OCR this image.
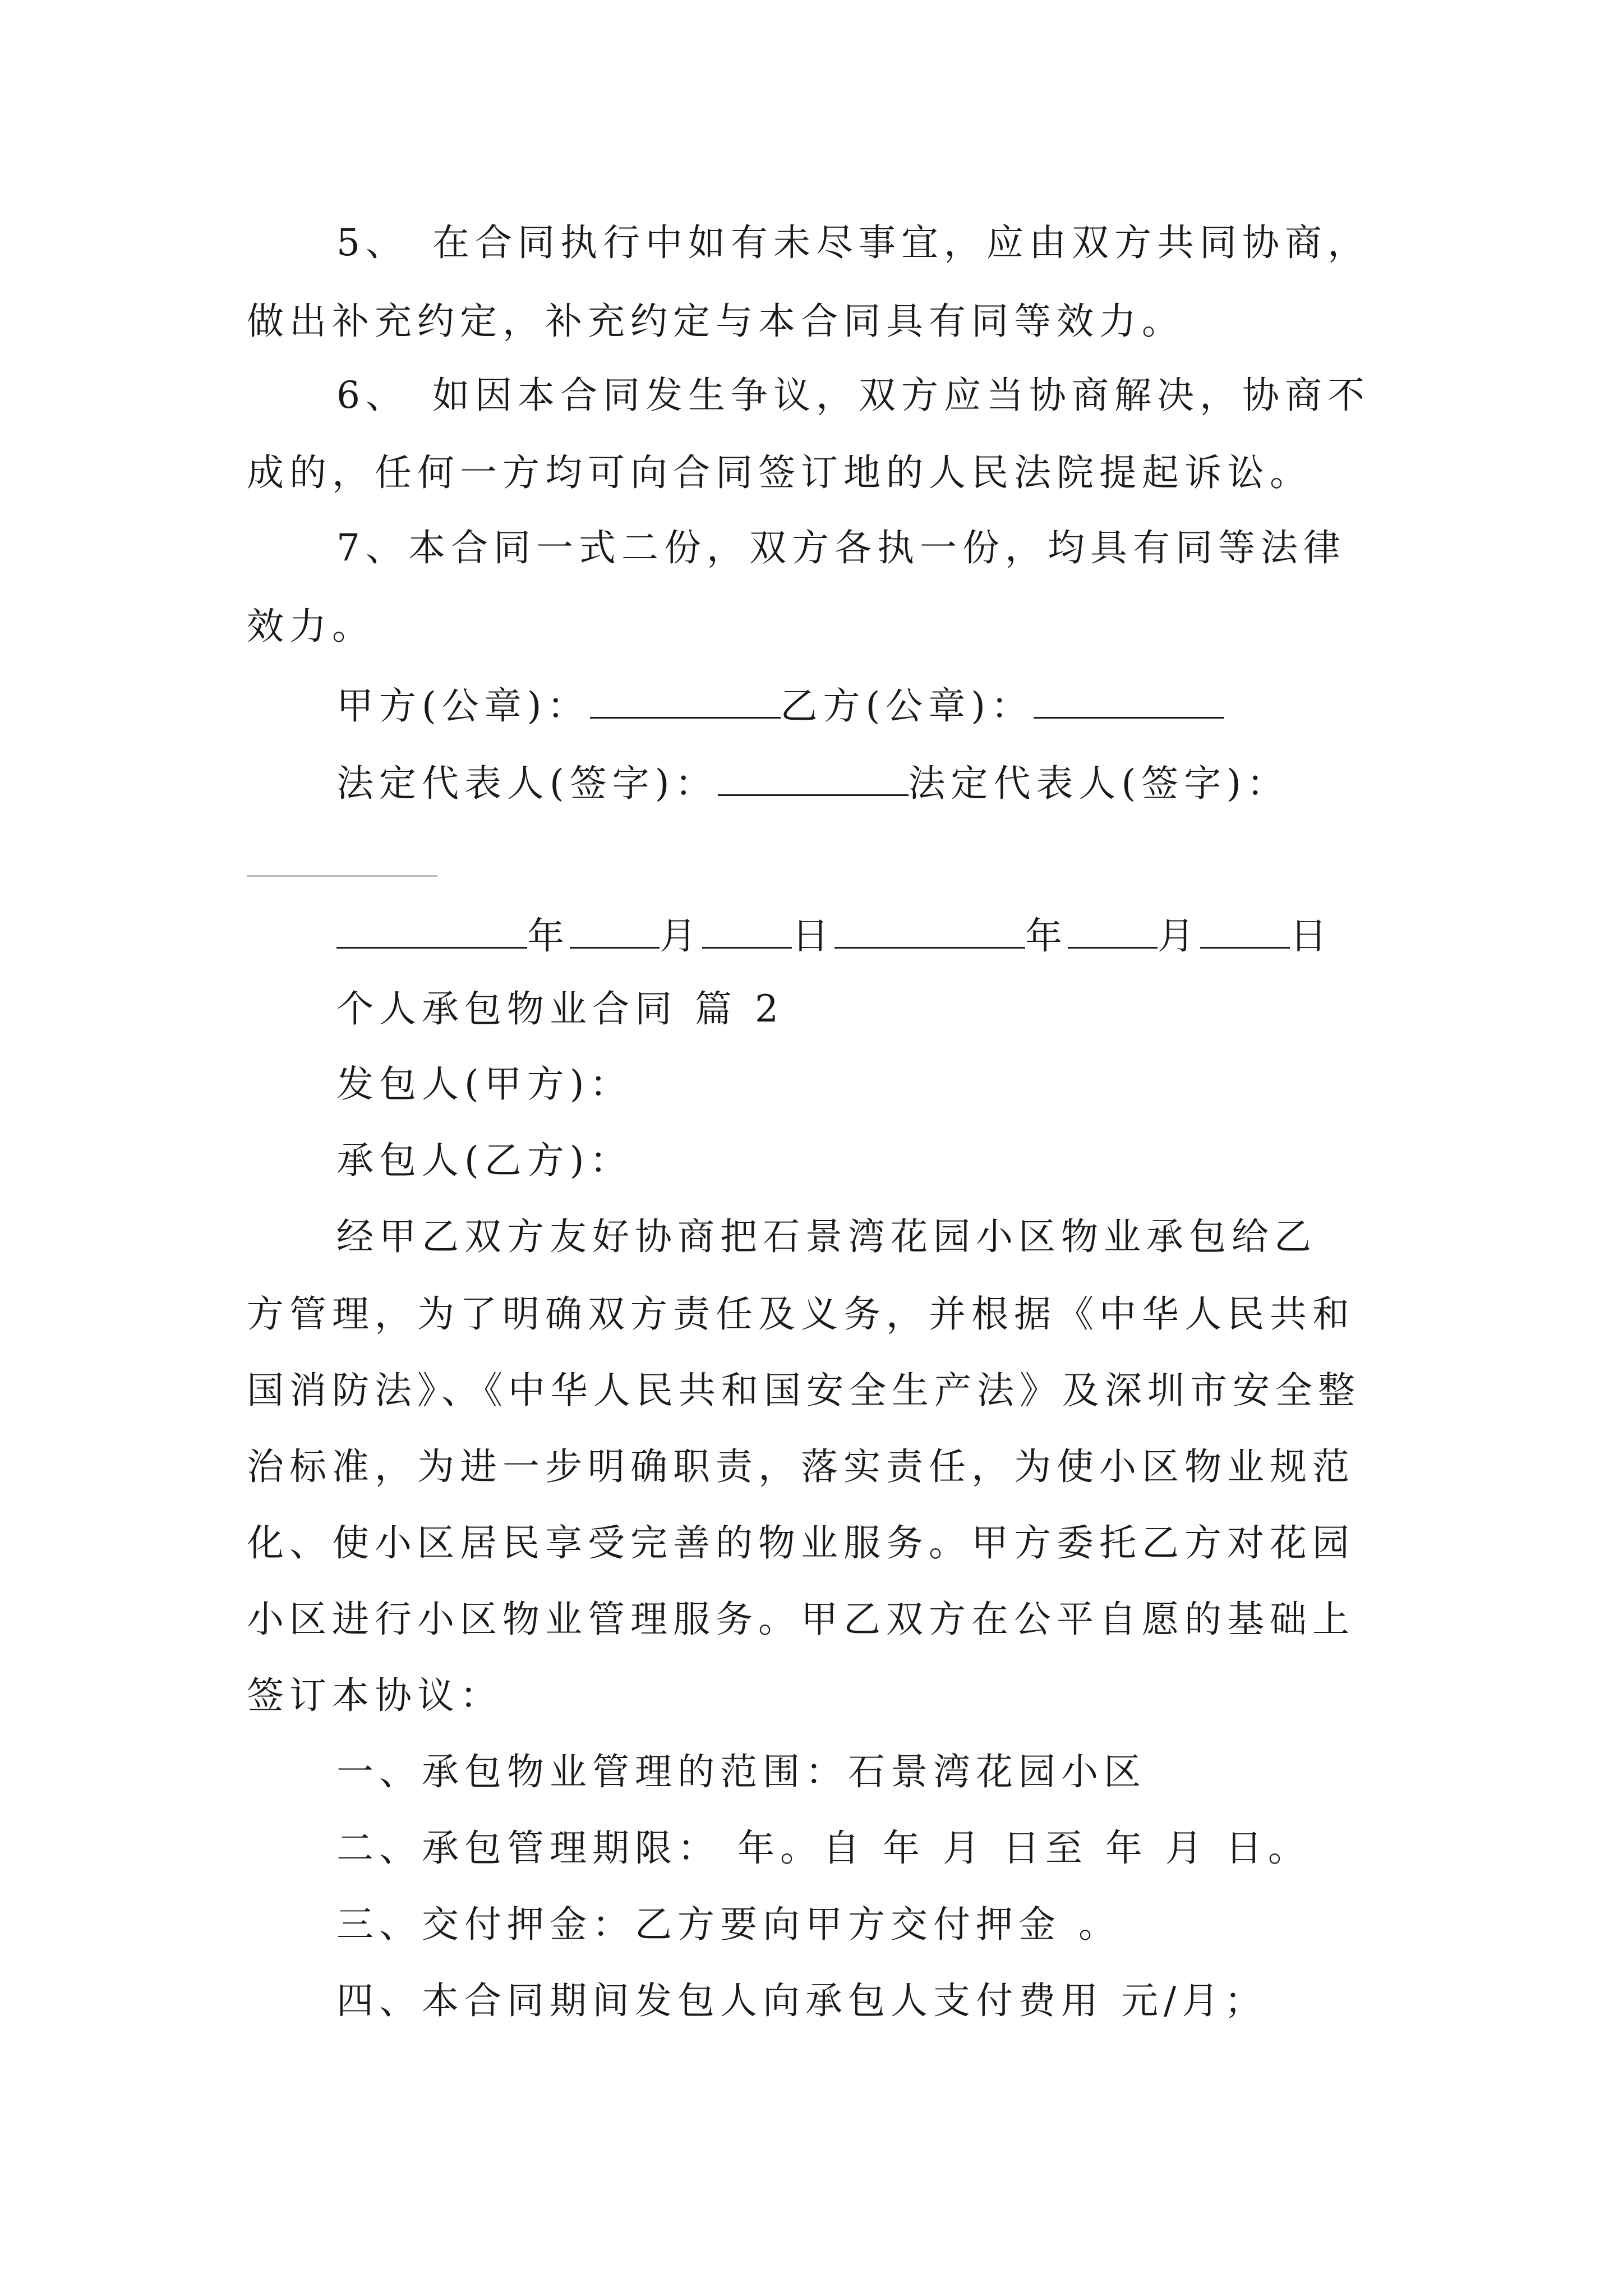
5、　在合同执行中如有未尽事宜，应由双方共同协商，
做出补充约定，补充约定与本合同具有同等效力。
6、　如因本合同发生争议，双方应当协商解决，协商不
成的，任何一方均可向合同签订地的人民法院提起诉讼。
7、本合同一式二份，双方各执一份，均具有同等法律
效力。
甲方(公章)：	乙方(公章)：
法定代表人(签字)：	法定代表人(签字)：
年 月 日	年 月 日
个人承包物业合同 篇 2
发包人(甲方)：
承包人(乙方)：
经甲乙双方友好协商把石景湾花园小区物业承包给乙
方管理，为了明确双方责任及义务，并根据《中华人民共和
国消防法》、《中华人民共和国安全生产法》及深圳市安全整
治标准，为进一步明确职责，落实责任，为使小区物业规范
化、使小区居民享受完善的物业服务。甲方委托乙方对花园
小区进行小区物业管理服务。甲乙双方在公平自愿的基础上
签订本协议：
一、承包物业管理的范围：石景湾花园小区
二、承包管理期限： 年。自 年 月 日至 年 月 日。
三、交付押金：乙方要向甲方交付押金 。
四、本合同期间发包人向承包人支付费用 元/月；
